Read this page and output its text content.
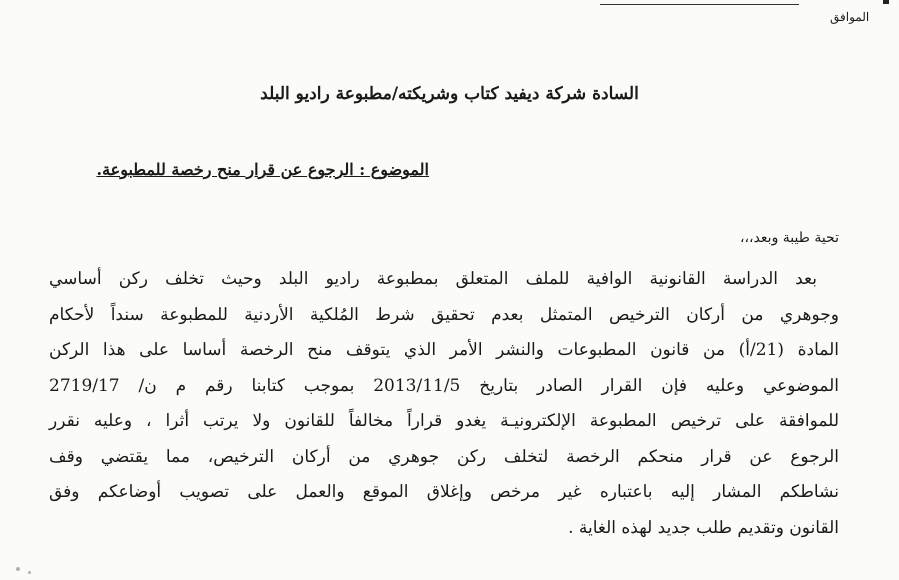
الموافق
السادة شركة ديفيد كتاب وشريكته/مطبوعة راديو البلد
الموضوع : الرجوع عن قرار منح رخصة للمطبوعة.
تحية طيبة وبعد،،،
بعد الدراسة القانونية الوافية للملف المتعلق بمطبوعة راديو البلد وحيث تخلف ركن أساسي
وجوهري من أركان الترخيص المتمثل بعدم تحقيق شرط المُلكية الأردنية للمطبوعة سنداً لأحكام
المادة (21/أ) من قانون المطبوعات والنشر الأمر الذي يتوقف منح الرخصة أساسا على هذا الركن
الموضوعي وعليه فإن القرار الصادر بتاريخ 2013/11/5 بموجب كتابنا رقم م ن/ 2719/17
للموافقة على ترخيص المطبوعة الإلكترونيـة يغدو قراراً مخالفاً للقانون ولا يرتب أثرا ، وعليه نقرر
الرجوع عن قرار منحكم الرخصة لتخلف ركن جوهري من أركان الترخيص، مما يقتضي وقف
نشاطكم المشار إليه باعتباره غير مرخص وإغلاق الموقع والعمل على تصويب أوضاعكم وفق
القانون وتقديم طلب جديد لهذه الغاية .
